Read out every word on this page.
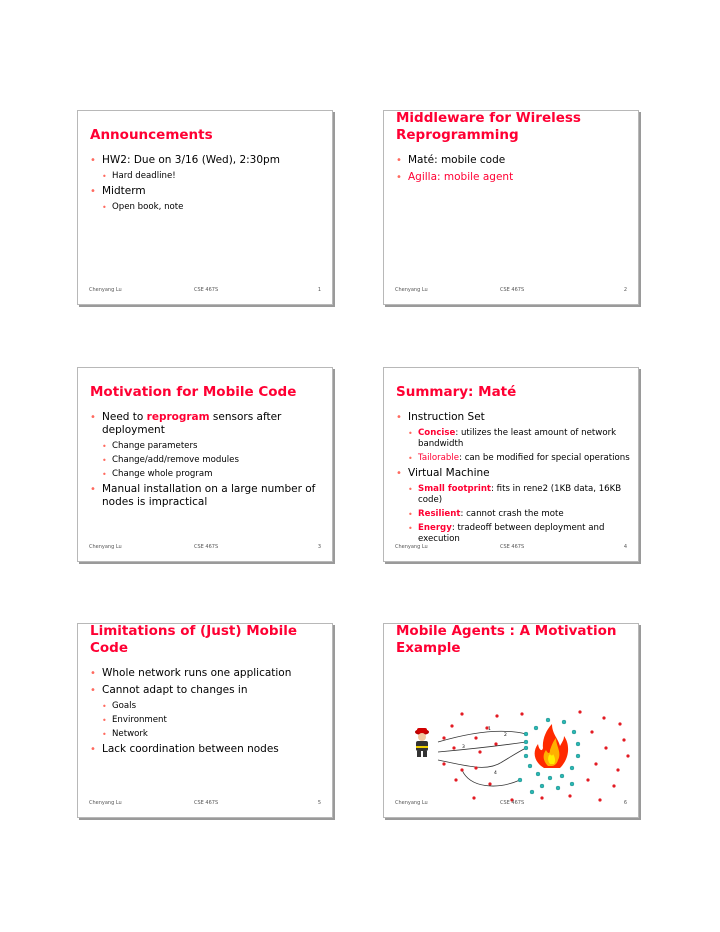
Announcements

• HW2: Due on 3/16 (Wed), 2:30pm

• Hard deadline!

• Midterm

• Open book, note

Chenyang Lu	CSE 467S	1
Middleware for Wireless Reprogramming

• Maté: mobile code

• Agilla: mobile agent

Chenyang Lu	CSE 467S	2
Motivation for Mobile Code

• Need to reprogram sensors after deployment

• Change parameters

• Change/add/remove modules

• Change whole program

• Manual installation on a large number of nodes is impractical

Chenyang Lu	CSE 467S	3
Summary: Maté

• Instruction Set

• Concise: utilizes the least amount of network bandwidth

• Tailorable: can be modified for special operations

• Virtual Machine

• Small footprint: fits in rene2 (1KB data, 16KB code)

• Resilient: cannot crash the mote

• Energy: tradeoff between deployment and execution

Chenyang Lu	CSE 467S	4
Limitations of (Just) Mobile Code

• Whole network runs one application

• Cannot adapt to changes in

• Goals

• Environment

• Network

• Lack coordination between nodes

Chenyang Lu	CSE 467S	5
Mobile Agents : A Motivation Example
1
2
3
4
Chenyang Lu	CSE 467S	6
